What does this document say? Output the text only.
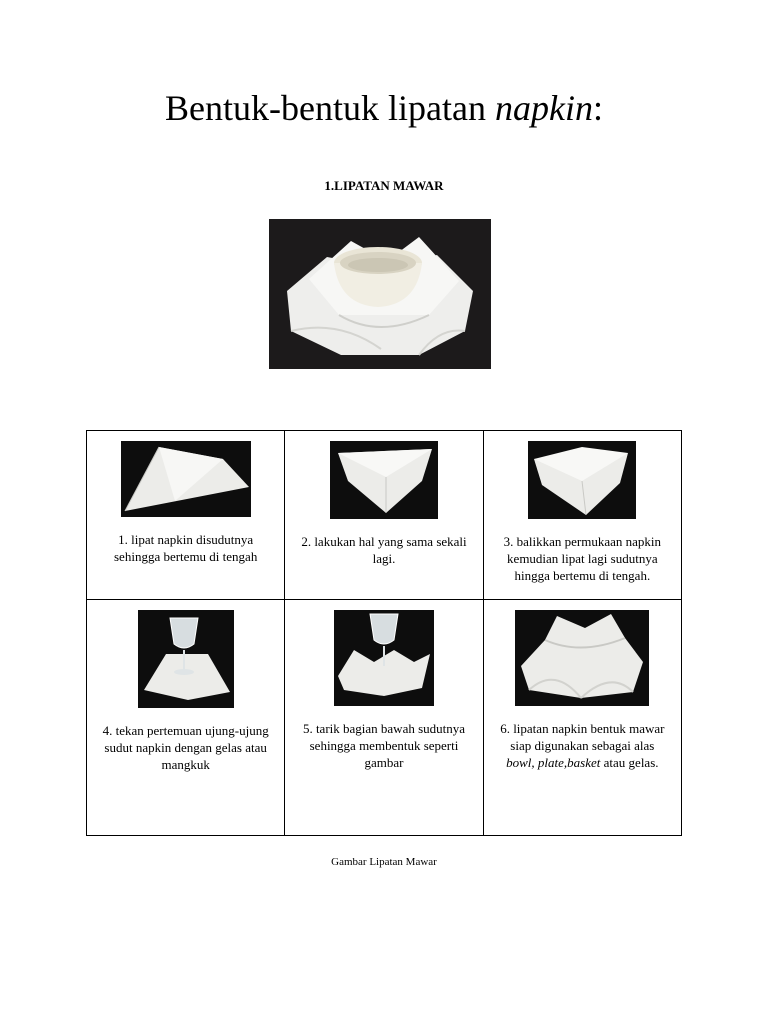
Bentuk-bentuk lipatan napkin:

1.LIPATAN MAWAR

1. lipat napkin disudutnya sehingga bertemu di tengah	2. lakukan hal yang sama sekali lagi.	3. balikkan permukaan napkin kemudian lipat lagi sudutnya hingga bertemu di tengah.

4. tekan pertemuan ujung-ujung sudut napkin dengan gelas atau mangkuk	5. tarik bagian bawah sudutnya sehingga membentuk seperti gambar	6. lipatan napkin bentuk mawar siap digunakan sebagai alas bowl, plate,basket atau gelas.

Gambar Lipatan Mawar
